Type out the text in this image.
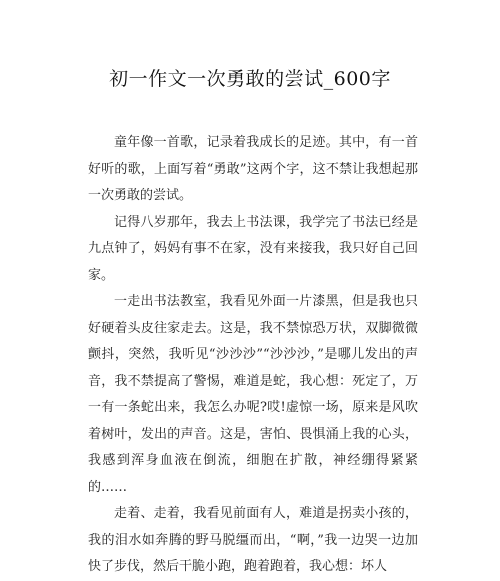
初一作文一次勇敢的尝试_600字

童年像一首歌，记录着我成长的足迹。其中，有一首好听的歌，上面写着“勇敢”这两个字，这不禁让我想起那一次勇敢的尝试。

记得八岁那年，我去上书法课，我学完了书法已经是九点钟了，妈妈有事不在家，没有来接我，我只好自己回家。

一走出书法教室，我看见外面一片漆黑，但是我也只好硬着头皮往家走去。这是，我不禁惊恐万状，双脚微微颤抖，突然，我听见“沙沙沙”“沙沙沙，”是哪儿发出的声音，我不禁提高了警惕，难道是蛇，我心想：死定了，万一有一条蛇出来，我怎么办呢?哎!虚惊一场，原来是风吹着树叶，发出的声音。这是，害怕、畏惧涌上我的心头，我感到浑身血液在倒流，细胞在扩散，神经绷得紧紧的……

走着、走着，我看见前面有人，难道是拐卖小孩的，我的泪水如奔腾的野马脱缰而出，“啊，”我一边哭一边加快了步伐，然后干脆小跑，跑着跑着，我心想：坏人
